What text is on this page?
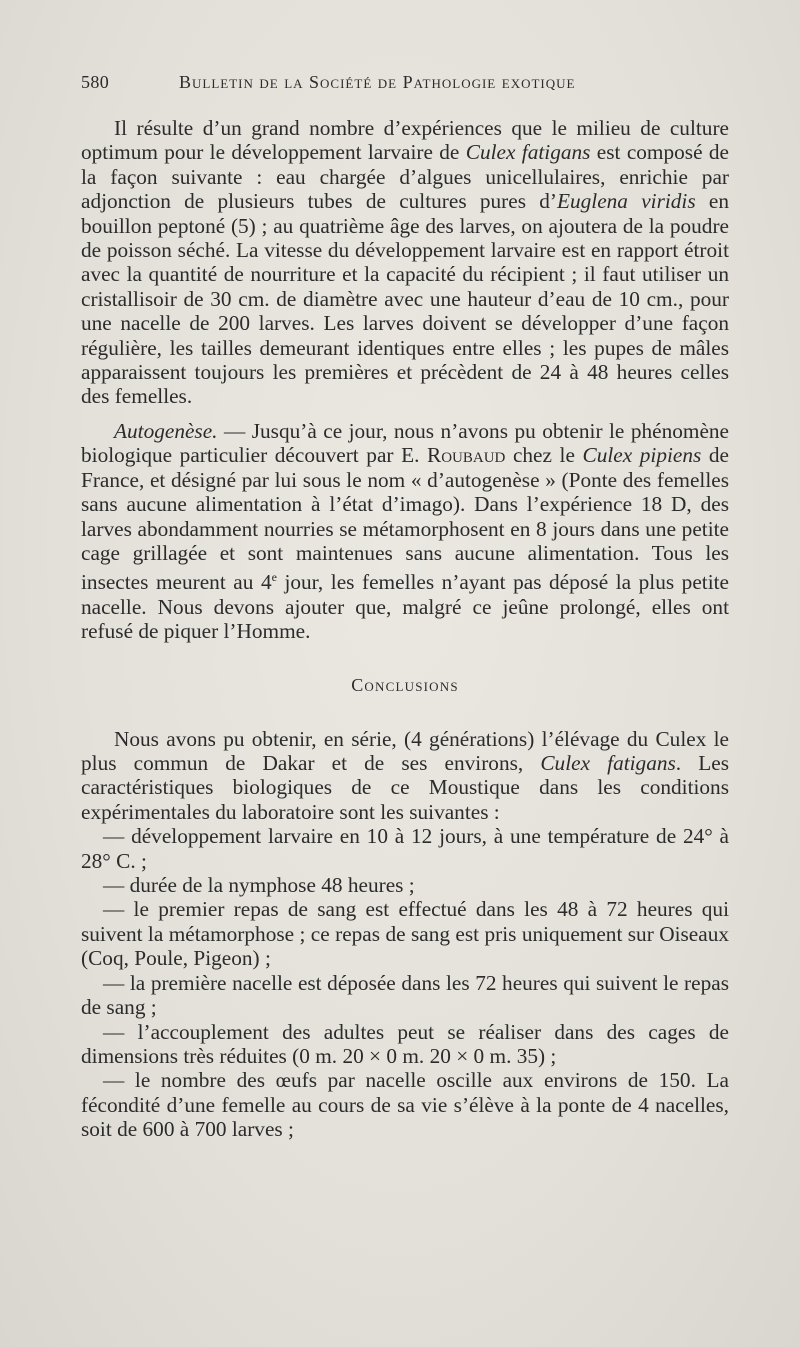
580	Bulletin de la Société de Pathologie exotique

Il résulte d’un grand nombre d’expériences que le milieu de culture optimum pour le développement larvaire de Culex fatigans est composé de la façon suivante : eau chargée d’algues unicellulaires, enrichie par adjonction de plusieurs tubes de cultures pures d’Euglena viridis en bouillon peptoné (5) ; au quatrième âge des larves, on ajoutera de la poudre de poisson séché. La vitesse du développement larvaire est en rapport étroit avec la quantité de nourriture et la capacité du récipient ; il faut utiliser un cristallisoir de 30 cm. de diamètre avec une hauteur d’eau de 10 cm., pour une nacelle de 200 larves. Les larves doivent se développer d’une façon régulière, les tailles demeurant identiques entre elles ; les pupes de mâles apparaissent toujours les premières et précèdent de 24 à 48 heures celles des femelles.

Autogenèse. — Jusqu’à ce jour, nous n’avons pu obtenir le phénomène biologique particulier découvert par E. Roubaud chez le Culex pipiens de France, et désigné par lui sous le nom « d’autogenèse » (Ponte des femelles sans aucune alimentation à l’état d’imago). Dans l’expérience 18 D, des larves abondamment nourries se métamorphosent en 8 jours dans une petite cage grillagée et sont maintenues sans aucune alimentation. Tous les insectes meurent au 4e jour, les femelles n’ayant pas déposé la plus petite nacelle. Nous devons ajouter que, malgré ce jeûne prolongé, elles ont refusé de piquer l’Homme.

Conclusions

Nous avons pu obtenir, en série, (4 générations) l’élévage du Culex le plus commun de Dakar et de ses environs, Culex fatigans. Les caractéristiques biologiques de ce Moustique dans les conditions expérimentales du laboratoire sont les suivantes :

— développement larvaire en 10 à 12 jours, à une température de 24° à 28° C. ;

— durée de la nymphose 48 heures ;

— le premier repas de sang est effectué dans les 48 à 72 heures qui suivent la métamorphose ; ce repas de sang est pris uniquement sur Oiseaux (Coq, Poule, Pigeon) ;

— la première nacelle est déposée dans les 72 heures qui suivent le repas de sang ;

— l’accouplement des adultes peut se réaliser dans des cages de dimensions très réduites (0 m. 20 × 0 m. 20 × 0 m. 35) ;

— le nombre des œufs par nacelle oscille aux environs de 150. La fécondité d’une femelle au cours de sa vie s’élève à la ponte de 4 nacelles, soit de 600 à 700 larves ;
